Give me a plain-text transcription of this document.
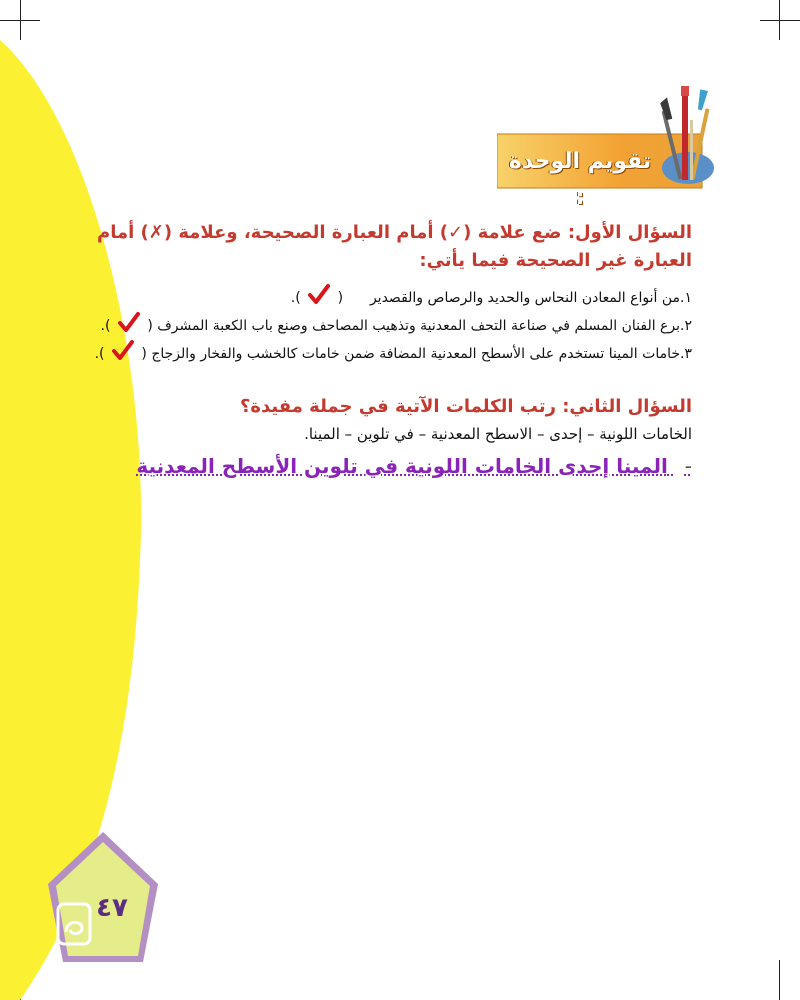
تقويم الوحدة :
السؤال الأول: ضع علامة (✓) أمام العبارة الصحيحة، وعلامة (✗) أمام
العبارة غير الصحيحة فيما يأتي:
١.من أنواع المعادن النحاس والحديد والرصاص والقصدير  (  ).
٢.برع الفنان المسلم في صناعة التحف المعدنية وتذهيب المصاحف وصنع باب الكعبة المشرف (  ).
٣.خامات المينا تستخدم على الأسطح المعدنية المضافة ضمن خامات كالخشب والفخار والزجاج (  ).
السؤال الثاني: رتب الكلمات الآتية في جملة مفيدة؟
الخامات اللونية – إحدى – الاسطح المعدنية – في تلوين – المينا.
- المينا إحدى الخامات اللونية في تلوين الأسطح المعدنية
٤٧
